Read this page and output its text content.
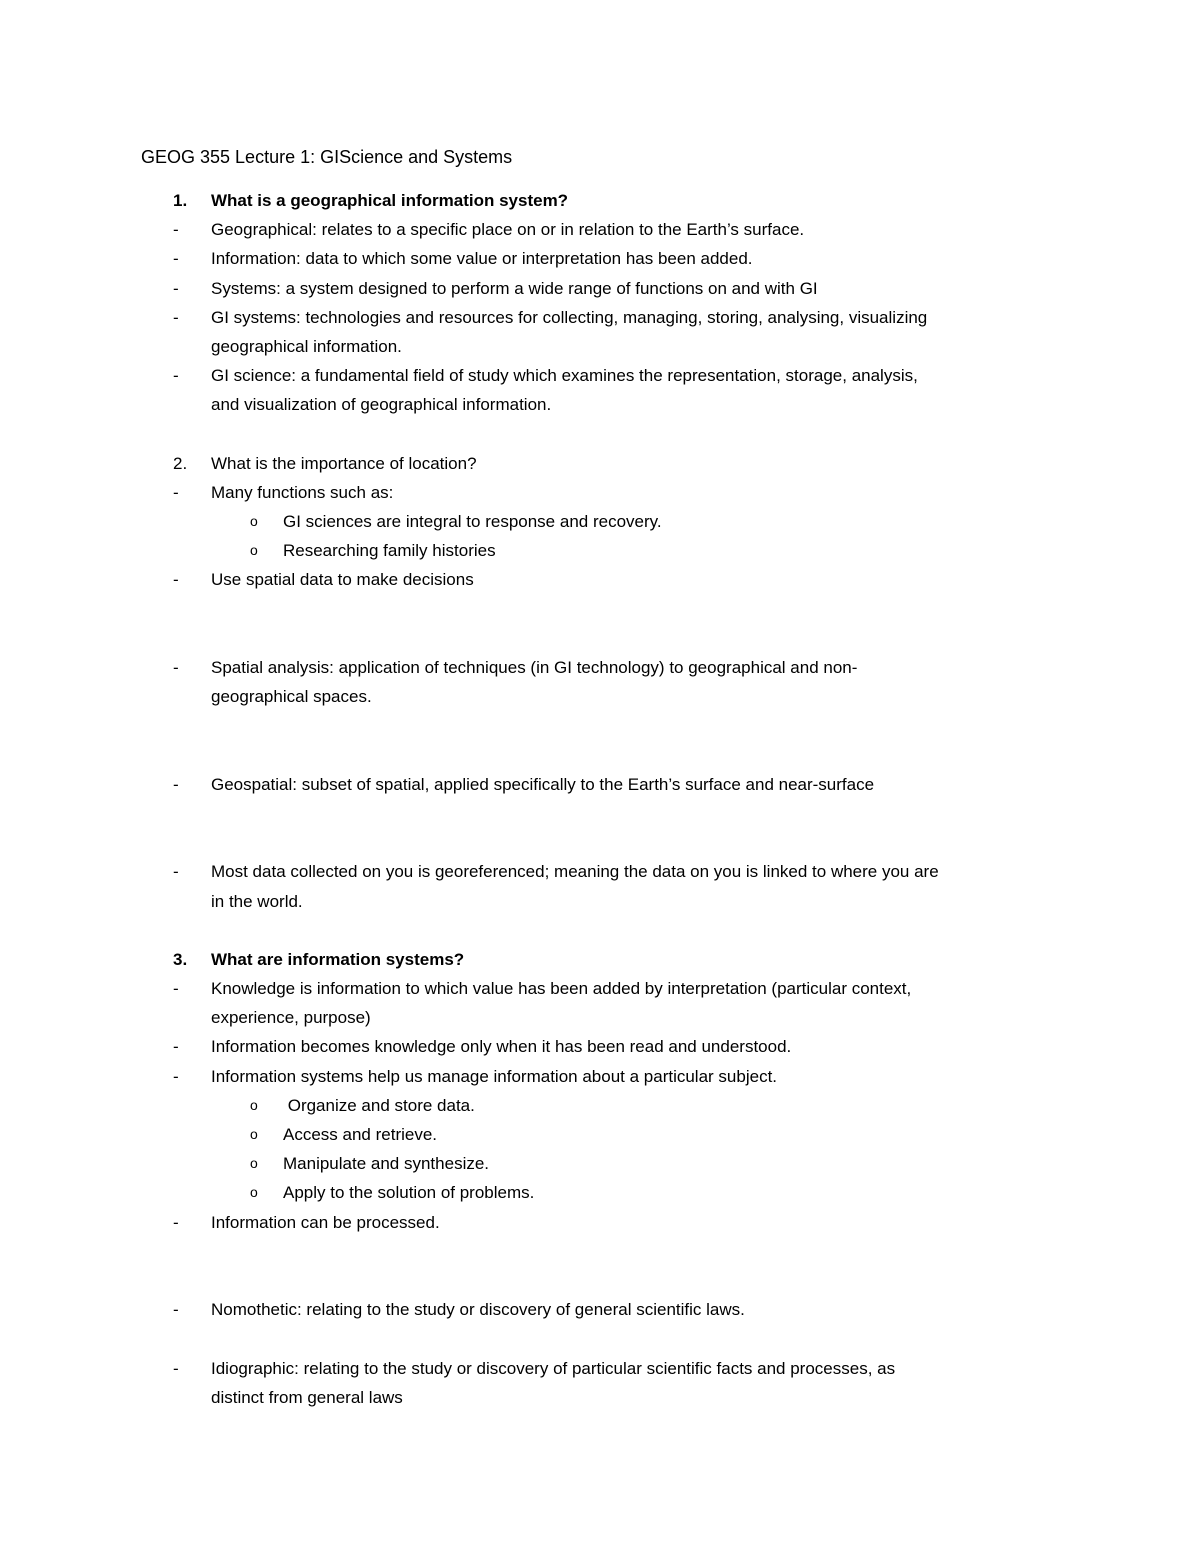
GEOG 355 Lecture 1: GIScience and Systems
1. What is a geographical information system?
- Geographical: relates to a specific place on or in relation to the Earth’s surface.
- Information: data to which some value or interpretation has been added.
- Systems: a system designed to perform a wide range of functions on and with GI
- GI systems: technologies and resources for collecting, managing, storing, analysing, visualizing
geographical information.
- GI science: a fundamental field of study which examines the representation, storage, analysis,
and visualization of geographical information.
2. What is the importance of location?
- Many functions such as:
o GI sciences are integral to response and recovery.
o Researching family histories
- Use spatial data to make decisions
- Spatial analysis: application of techniques (in GI technology) to geographical and non-
geographical spaces.
- Geospatial: subset of spatial, applied specifically to the Earth’s surface and near-surface
- Most data collected on you is georeferenced; meaning the data on you is linked to where you are
in the world.
3. What are information systems?
- Knowledge is information to which value has been added by interpretation (particular context,
experience, purpose)
- Information becomes knowledge only when it has been read and understood.
- Information systems help us manage information about a particular subject.
o Organize and store data.
o Access and retrieve.
o Manipulate and synthesize.
o Apply to the solution of problems.
- Information can be processed.
- Nomothetic: relating to the study or discovery of general scientific laws.
- Idiographic: relating to the study or discovery of particular scientific facts and processes, as
distinct from general laws
